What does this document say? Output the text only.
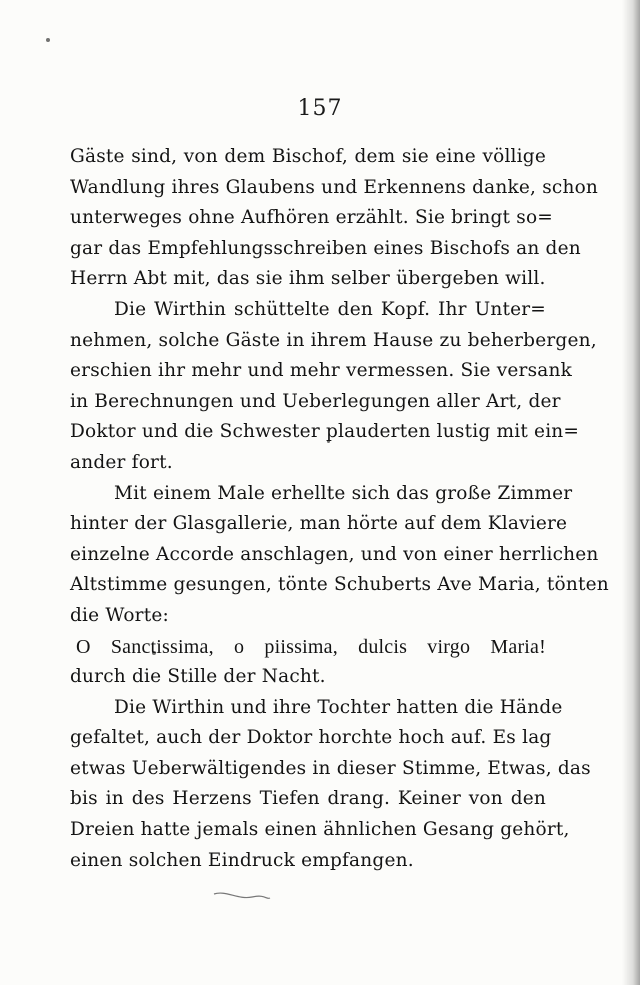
157
Gäste sind, von dem Bischof, dem sie eine völlige
Wandlung ihres Glaubens und Erkennens danke, schon
unterweges ohne Aufhören erzählt. Sie bringt so=
gar das Empfehlungsschreiben eines Bischofs an den
Herrn Abt mit, das sie ihm selber übergeben will.
Die Wirthin schüttelte den Kopf. Ihr Unter=
nehmen, solche Gäste in ihrem Hause zu beherbergen,
erschien ihr mehr und mehr vermessen. Sie versank
in Berechnungen und Ueberlegungen aller Art, der
Doktor und die Schwester plauderten lustig mit ein=
ander fort.
Mit einem Male erhellte sich das große Zimmer
hinter der Glasgallerie, man hörte auf dem Klaviere
einzelne Accorde anschlagen, und von einer herrlichen
Altstimme gesungen, tönte Schuberts Ave Maria, tönten
die Worte:
O Sanctissima, o piissima, dulcis virgo Maria!
durch die Stille der Nacht.
Die Wirthin und ihre Tochter hatten die Hände
gefaltet, auch der Doktor horchte hoch auf. Es lag
etwas Ueberwältigendes in dieser Stimme, Etwas, das
bis in des Herzens Tiefen drang. Keiner von den
Dreien hatte jemals einen ähnlichen Gesang gehört,
einen solchen Eindruck empfangen.
